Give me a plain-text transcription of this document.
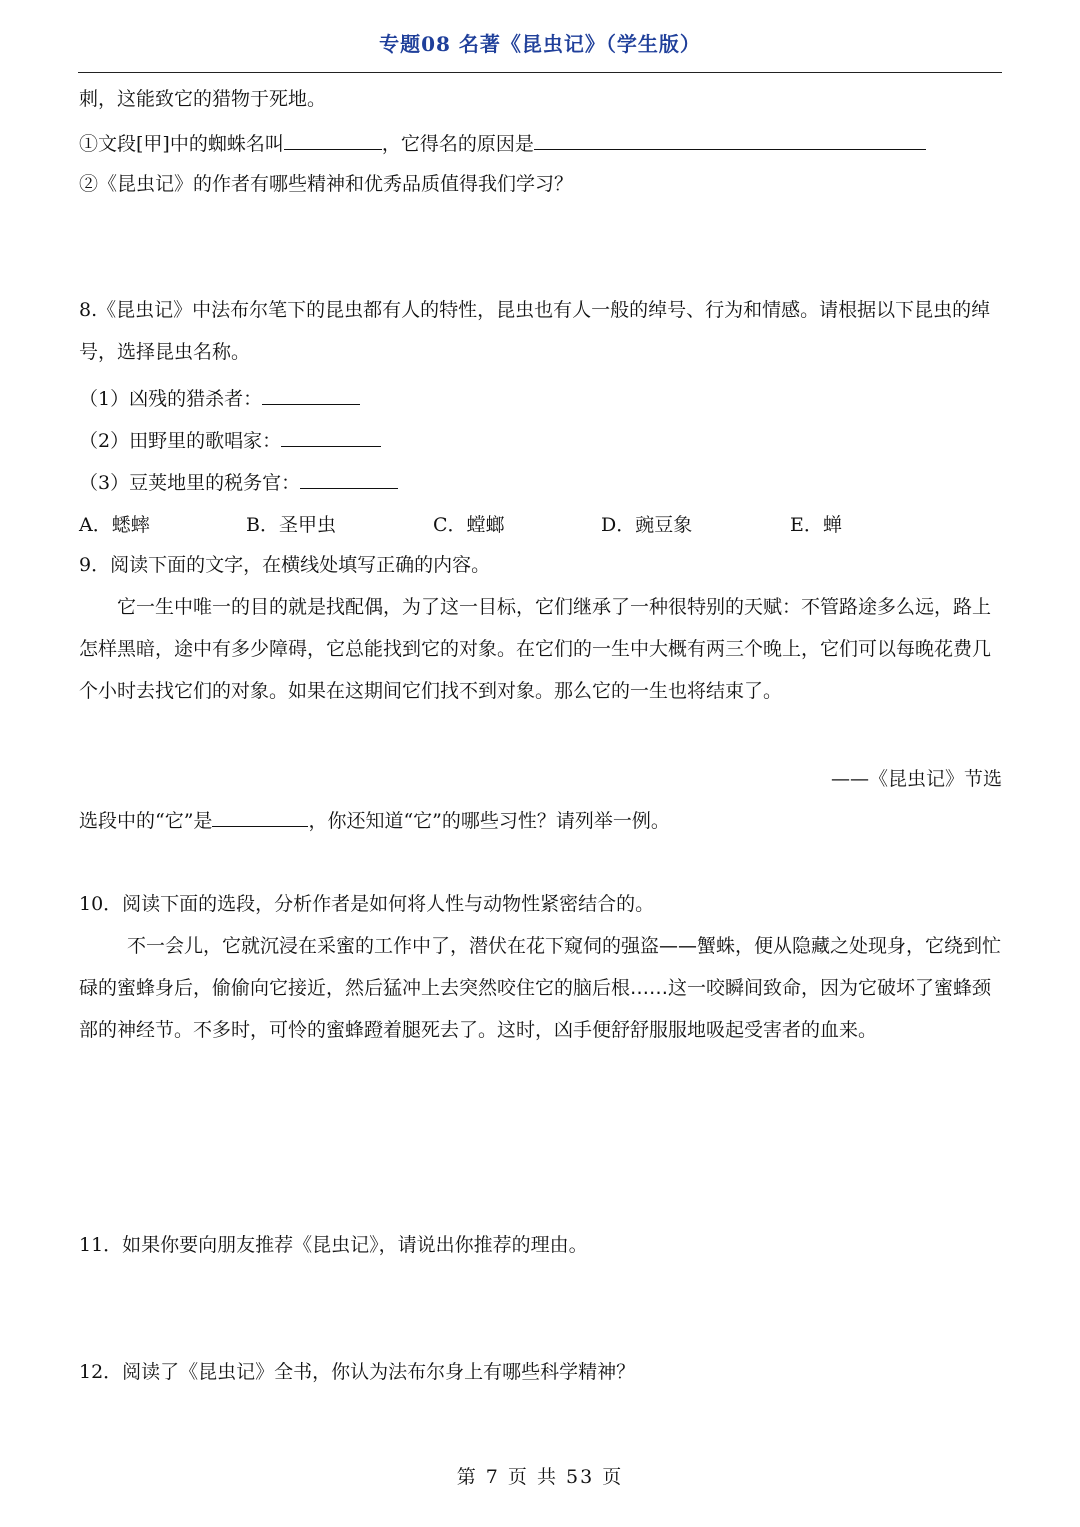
专题08 名著《昆虫记》（学生版）
刺，这能致它的猎物于死地。
①文段[甲]中的蜘蛛名叫	，它得名的原因是
②《昆虫记》的作者有哪些精神和优秀品质值得我们学习？
8.《昆虫记》中法布尔笔下的昆虫都有人的特性，昆虫也有人一般的绰号、行为和情感。请根据以下昆虫的绰号，选择昆虫名称。
（1）凶残的猎杀者：
（2）田野里的歌唱家：
（3）豆荚地里的税务官：
A．蟋蟀	B．圣甲虫	C．螳螂	D．豌豆象	E．蝉
9．阅读下面的文字，在横线处填写正确的内容。
它一生中唯一的目的就是找配偶，为了这一目标，它们继承了一种很特别的天赋：不管路途多么远，路上怎样黑暗，途中有多少障碍，它总能找到它的对象。在它们的一生中大概有两三个晚上，它们可以每晚花费几个小时去找它们的对象。如果在这期间它们找不到对象。那么它的一生也将结束了。
——《昆虫记》节选
选段中的“它”是	，你还知道“它”的哪些习性？请列举一例。
10．阅读下面的选段，分析作者是如何将人性与动物性紧密结合的。
不一会儿，它就沉浸在采蜜的工作中了，潜伏在花下窥伺的强盗——蟹蛛，便从隐藏之处现身，它绕到忙碌的蜜蜂身后，偷偷向它接近，然后猛冲上去突然咬住它的脑后根……这一咬瞬间致命，因为它破坏了蜜蜂颈部的神经节。不多时，可怜的蜜蜂蹬着腿死去了。这时，凶手便舒舒服服地吸起受害者的血来。
11．如果你要向朋友推荐《昆虫记》，请说出你推荐的理由。
12．阅读了《昆虫记》全书，你认为法布尔身上有哪些科学精神？
第 7 页 共 53 页
